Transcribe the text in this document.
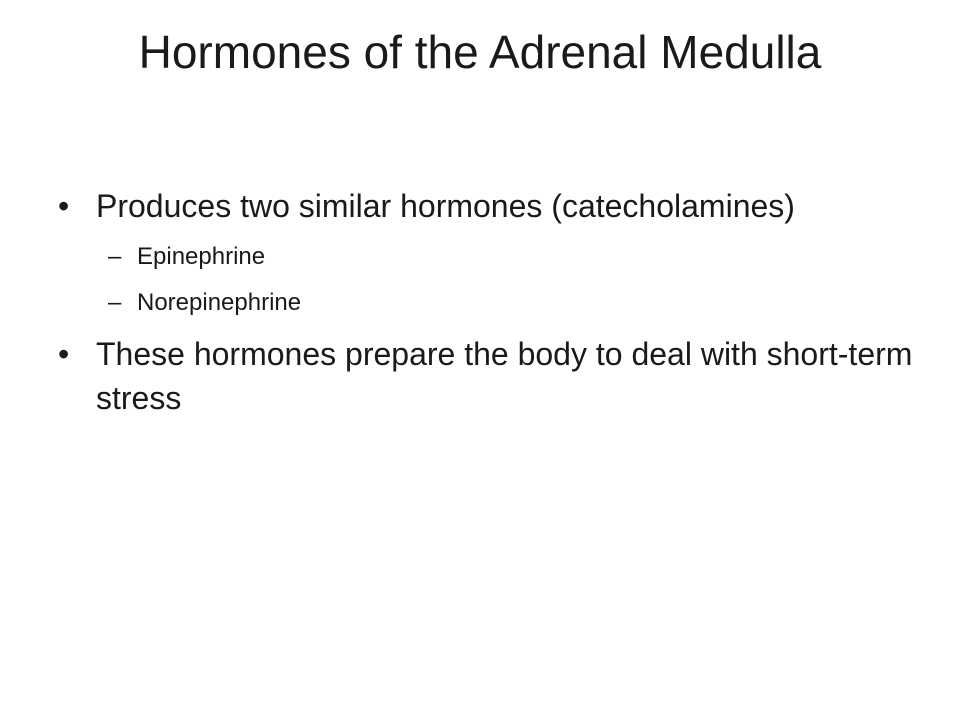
Hormones of the Adrenal Medulla
• Produces two similar hormones (catecholamines)
– Epinephrine
– Norepinephrine
• These hormones prepare the body to deal with short-term stress
